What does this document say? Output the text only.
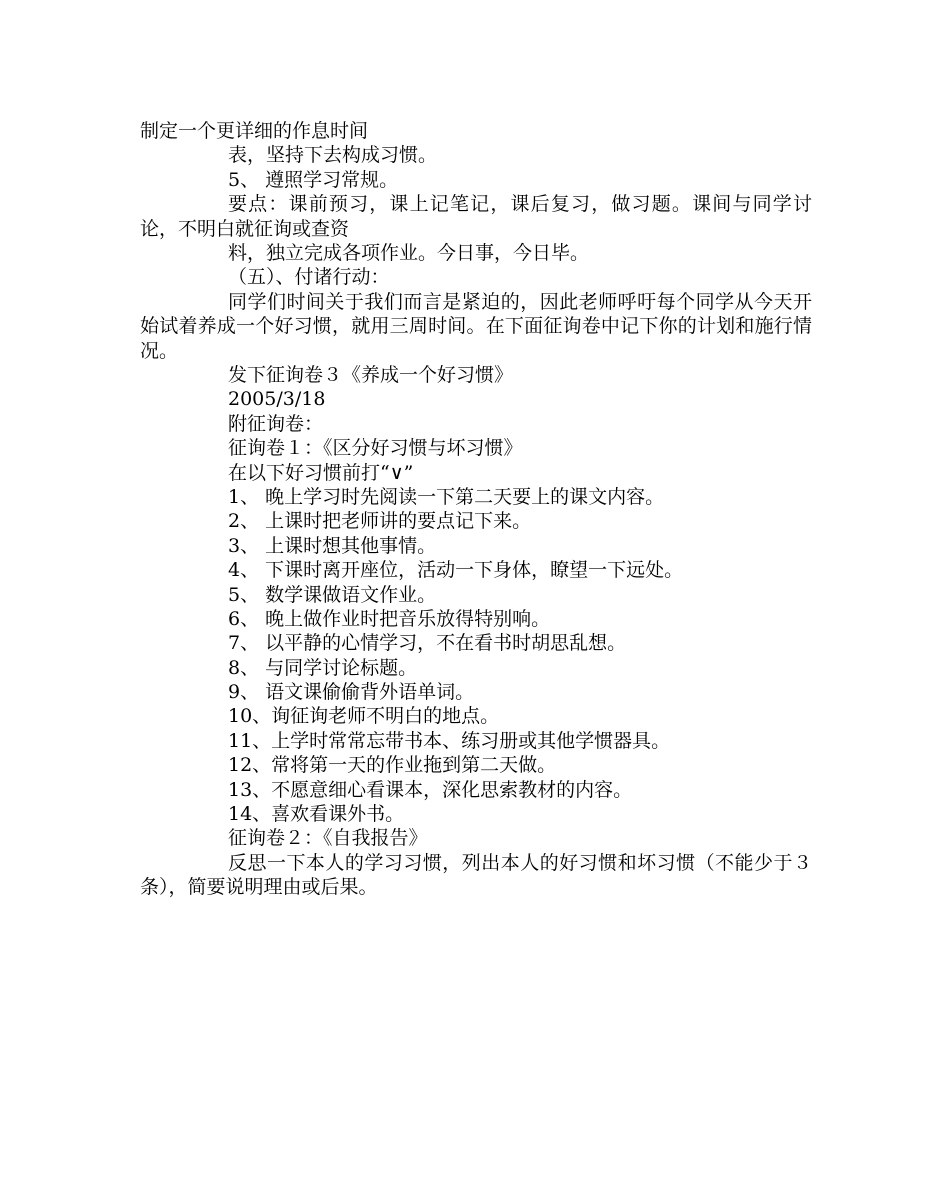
制定一个更详细的作息时间
表，坚持下去构成习惯。
5、 遵照学习常规。
要点：课前预习，课上记笔记，课后复习，做习题。课间与同学讨论，不明白就征询或查资
料，独立完成各项作业。今日事，今日毕。
（五）、付诸行动：
同学们时间关于我们而言是紧迫的，因此老师呼吁每个同学从今天开始试着养成一个好习惯，就用三周时间。在下面征询卷中记下你的计划和施行情况。
发下征询卷３《养成一个好习惯》
2005/3/18
附征询卷：
征询卷１：《区分好习惯与坏习惯》
在以下好习惯前打“∨”
1、 晚上学习时先阅读一下第二天要上的课文内容。
2、 上课时把老师讲的要点记下来。
3、 上课时想其他事情。
4、 下课时离开座位，活动一下身体，瞭望一下远处。
5、 数学课做语文作业。
6、 晚上做作业时把音乐放得特别响。
7、 以平静的心情学习，不在看书时胡思乱想。
8、 与同学讨论标题。
9、 语文课偷偷背外语单词。
10、询征询老师不明白的地点。
11、上学时常常忘带书本、练习册或其他学惯器具。
12、常将第一天的作业拖到第二天做。
13、不愿意细心看课本，深化思索教材的内容。
14、喜欢看课外书。
征询卷２：《自我报告》
反思一下本人的学习习惯，列出本人的好习惯和坏习惯（不能少于３条），简要说明理由或后果。
